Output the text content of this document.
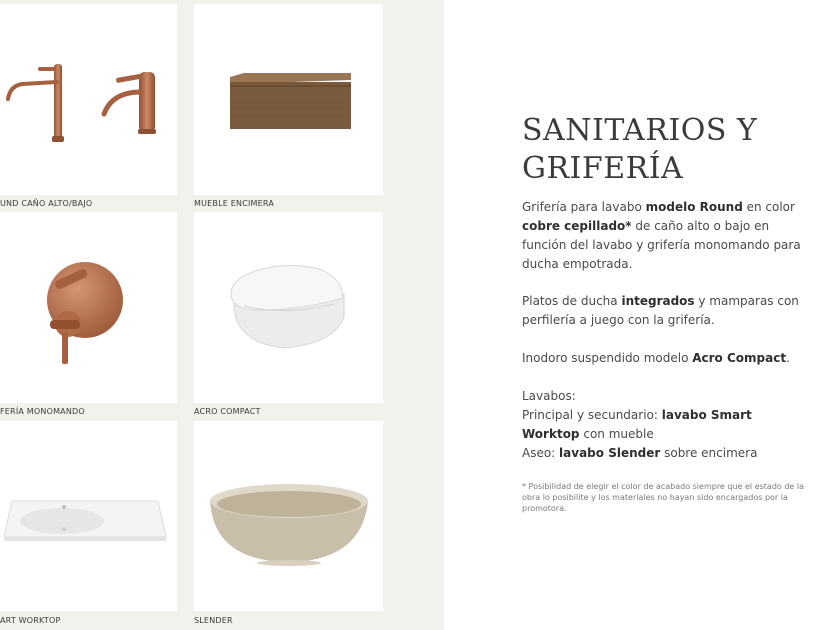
UND CAÑO ALTO/BAJO	MUEBLE ENCIMERA
FERÍA MONOMANDO	ACRO COMPACT
ART WORKTOP	SLENDER
SANITARIOS Y
GRIFERÍA

Grifería para lavabo modelo Round en color cobre cepillado* de caño alto o bajo en función del lavabo y grifería monomando para ducha empotrada.

Platos de ducha integrados y mamparas con perfilería a juego con la grifería.

Inodoro suspendido modelo Acro Compact.

Lavabos:
Principal y secundario: lavabo Smart Worktop con mueble
Aseo: lavabo Slender sobre encimera

* Posibilidad de elegir el color de acabado siempre que el estado de la obra lo posibilite y los materiales no hayan sido encargados por la promotora.
